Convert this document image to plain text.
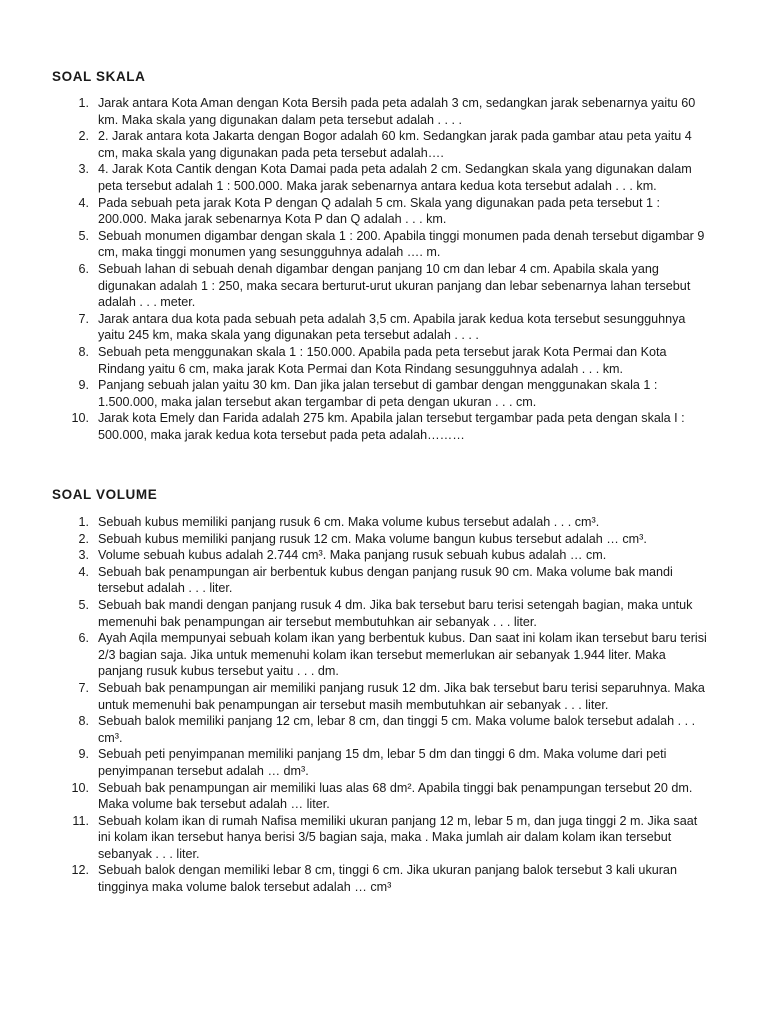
SOAL SKALA
1. Jarak antara Kota Aman dengan Kota Bersih pada peta adalah 3 cm, sedangkan jarak sebenarnya yaitu 60 km. Maka skala yang digunakan dalam peta tersebut adalah . . . .
2. 2. Jarak antara kota Jakarta dengan Bogor adalah 60 km. Sedangkan jarak pada gambar atau peta yaitu 4 cm, maka skala yang digunakan pada peta tersebut adalah….
3. 4. Jarak Kota Cantik dengan Kota Damai pada peta adalah 2 cm. Sedangkan skala yang digunakan dalam peta tersebut adalah 1 : 500.000. Maka jarak sebenarnya antara kedua kota tersebut adalah . . . km.
4. Pada sebuah peta jarak Kota P dengan Q adalah 5 cm. Skala yang digunakan pada peta tersebut 1 : 200.000. Maka jarak sebenarnya Kota P dan Q adalah . . . km.
5. Sebuah monumen digambar dengan skala 1 : 200. Apabila tinggi monumen pada denah tersebut digambar 9 cm, maka tinggi monumen yang sesungguhnya adalah …. m.
6. Sebuah lahan di sebuah denah digambar dengan panjang 10 cm dan lebar 4 cm. Apabila skala yang digunakan adalah 1 : 250, maka secara berturut-urut ukuran panjang dan lebar sebenarnya lahan tersebut adalah . . . meter.
7. Jarak antara dua kota pada sebuah peta adalah 3,5 cm. Apabila jarak kedua kota tersebut sesungguhnya yaitu 245 km, maka skala yang digunakan peta tersebut adalah . . . .
8. Sebuah peta menggunakan skala 1 : 150.000. Apabila pada peta tersebut jarak Kota Permai dan Kota Rindang yaitu 6 cm, maka jarak Kota Permai dan Kota Rindang sesungguhnya adalah . . . km.
9. Panjang sebuah jalan yaitu 30 km. Dan jika jalan tersebut di gambar dengan menggunakan skala 1 : 1.500.000, maka jalan tersebut akan tergambar di peta dengan ukuran . . . cm.
10. Jarak kota Emely dan Farida adalah 275 km. Apabila jalan tersebut tergambar pada peta dengan skala I : 500.000, maka jarak kedua kota tersebut pada peta adalah………
SOAL VOLUME
1. Sebuah kubus memiliki panjang rusuk 6 cm. Maka volume kubus tersebut adalah . . . cm³.
2. Sebuah kubus memiliki panjang rusuk 12 cm. Maka volume bangun kubus tersebut adalah … cm³.
3. Volume sebuah kubus adalah 2.744 cm³. Maka panjang rusuk sebuah kubus adalah … cm.
4. Sebuah bak penampungan air berbentuk kubus dengan panjang rusuk 90 cm. Maka volume bak mandi tersebut adalah . . . liter.
5. Sebuah bak mandi dengan panjang rusuk 4 dm. Jika bak tersebut baru terisi setengah bagian, maka untuk memenuhi bak penampungan air tersebut membutuhkan air sebanyak . . . liter.
6. Ayah Aqila mempunyai sebuah kolam ikan yang berbentuk kubus. Dan saat ini kolam ikan tersebut baru terisi 2/3 bagian saja. Jika untuk memenuhi kolam ikan tersebut memerlukan air sebanyak 1.944 liter. Maka panjang rusuk kubus tersebut yaitu . . . dm.
7. Sebuah bak penampungan air memiliki panjang rusuk 12 dm. Jika bak tersebut baru terisi separuhnya. Maka untuk memenuhi bak penampungan air tersebut masih membutuhkan air sebanyak . . . liter.
8. Sebuah balok memiliki panjang 12 cm, lebar 8 cm, dan tinggi 5 cm. Maka volume balok tersebut adalah . . . cm³.
9. Sebuah peti penyimpanan memiliki panjang 15 dm, lebar 5 dm dan tinggi 6 dm. Maka volume dari peti penyimpanan tersebut adalah … dm³.
10. Sebuah bak penampungan air memiliki luas alas 68 dm². Apabila tinggi bak penampungan tersebut 20 dm. Maka volume bak tersebut adalah … liter.
11. Sebuah kolam ikan di rumah Nafisa memiliki ukuran panjang 12 m, lebar 5 m, dan juga tinggi 2 m. Jika saat ini kolam ikan tersebut hanya berisi 3/5 bagian saja, maka . Maka jumlah air dalam kolam ikan tersebut sebanyak . . . liter.
12. Sebuah balok dengan memiliki lebar 8 cm, tinggi 6 cm. Jika ukuran panjang balok tersebut 3 kali ukuran tingginya maka volume balok tersebut adalah … cm³
